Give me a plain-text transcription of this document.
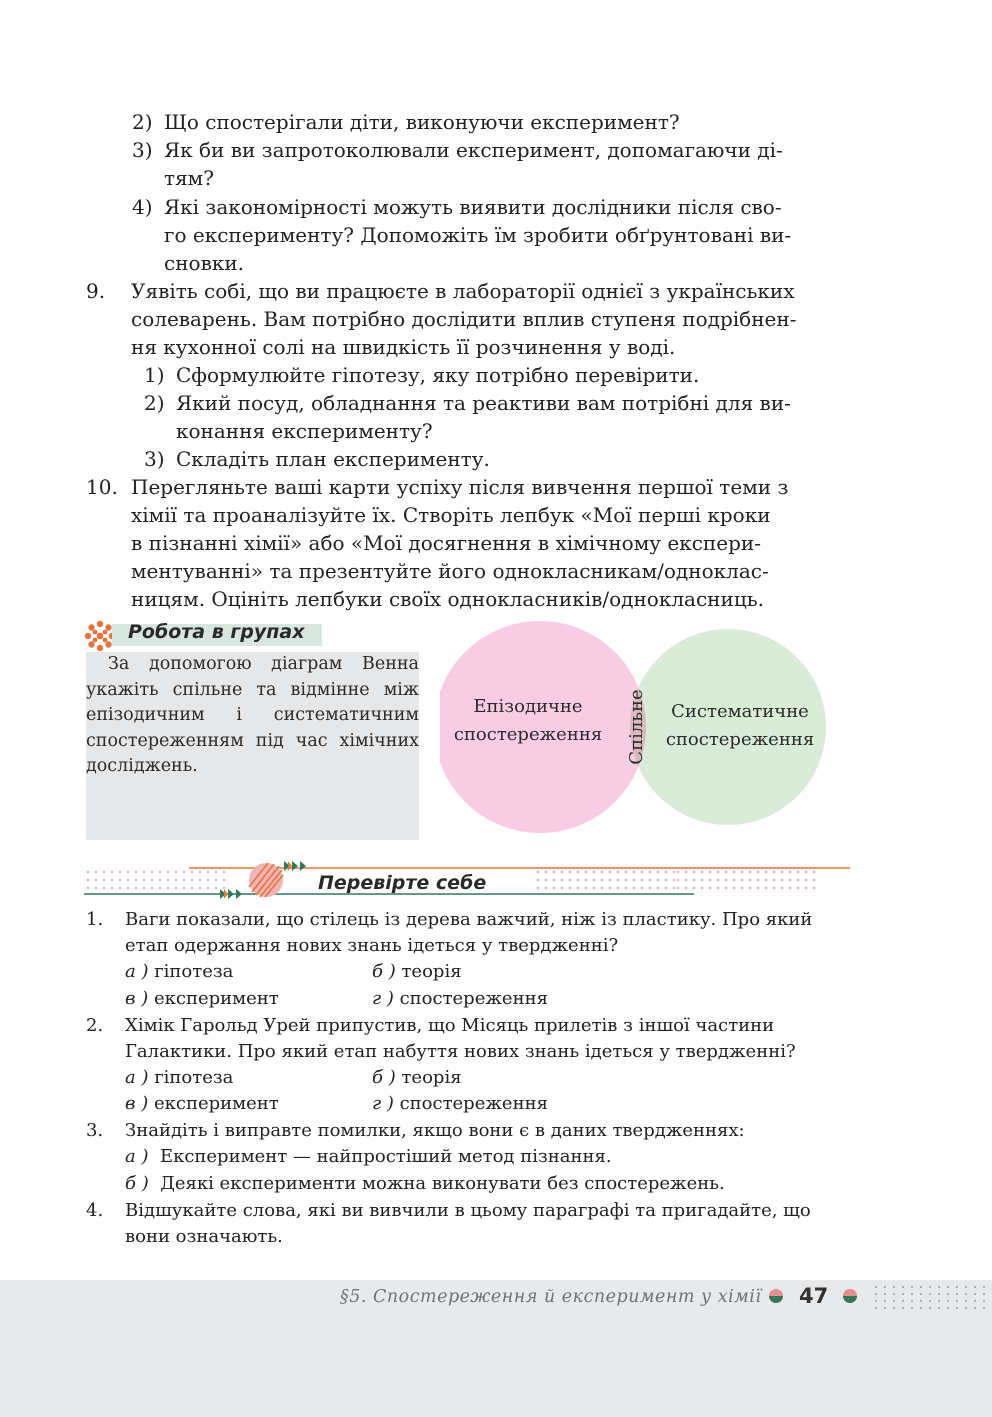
2) Що спостерігали діти, виконуючи експеримент?
3) Як би ви запротоколювали експеримент, допомагаючи ді-
тям?
4) Які закономірності можуть виявити дослідники після сво-
го експерименту? Допоможіть їм зробити обґрунтовані ви-
сновки.
9. Уявіть собі, що ви працюєте в лабораторії однієї з українських
солеварень. Вам потрібно дослідити вплив ступеня подрібнен-
ня кухонної солі на швидкість її розчинення у воді.
1) Сформулюйте гіпотезу, яку потрібно перевірити.
2) Який посуд, обладнання та реактиви вам потрібні для ви-
конання експерименту?
3) Складіть план експерименту.
10. Перегляньте ваші карти успіху після вивчення першої теми з
хімії та проаналізуйте їх. Створіть лепбук «Мої перші кроки
в пізнанні хімії» або «Мої досягнення в хімічному експери-
ментуванні» та презентуйте його однокласникам/одноклас-
ницям. Оцініть лепбуки своїх однокласників/однокласниць.
Робота в групах
За допомогою діаграм Венна укажіть спільне та відмінне між епізодичним і систематичним спостереженням під час хімічних досліджень.
Епізодичне
спостереження Спільне Систематичне
спостереження
Перевірте себе
1. Ваги показали, що стілець із дерева важчий, ніж із пластику. Про який
етап одержання нових знань ідеться у твердженні?
а ) гіпотеза	б ) теорія
в ) експеримент	г ) спостереження
2. Хімік Гарольд Урей припустив, що Місяць прилетів з іншої частини
Галактики. Про який етап набуття нових знань ідеться у твердженні?
а ) гіпотеза	б ) теорія
в ) експеримент	г ) спостереження
3. Знайдіть і виправте помилки, якщо вони є в даних твердженнях:
а ) Експеримент — найпростіший метод пізнання.
б ) Деякі експерименти можна виконувати без спостережень.
4. Відшукайте слова, які ви вивчили в цьому параграфі та пригадайте, що
вони означають.
§5. Спостереження й експеримент у хімії 47
